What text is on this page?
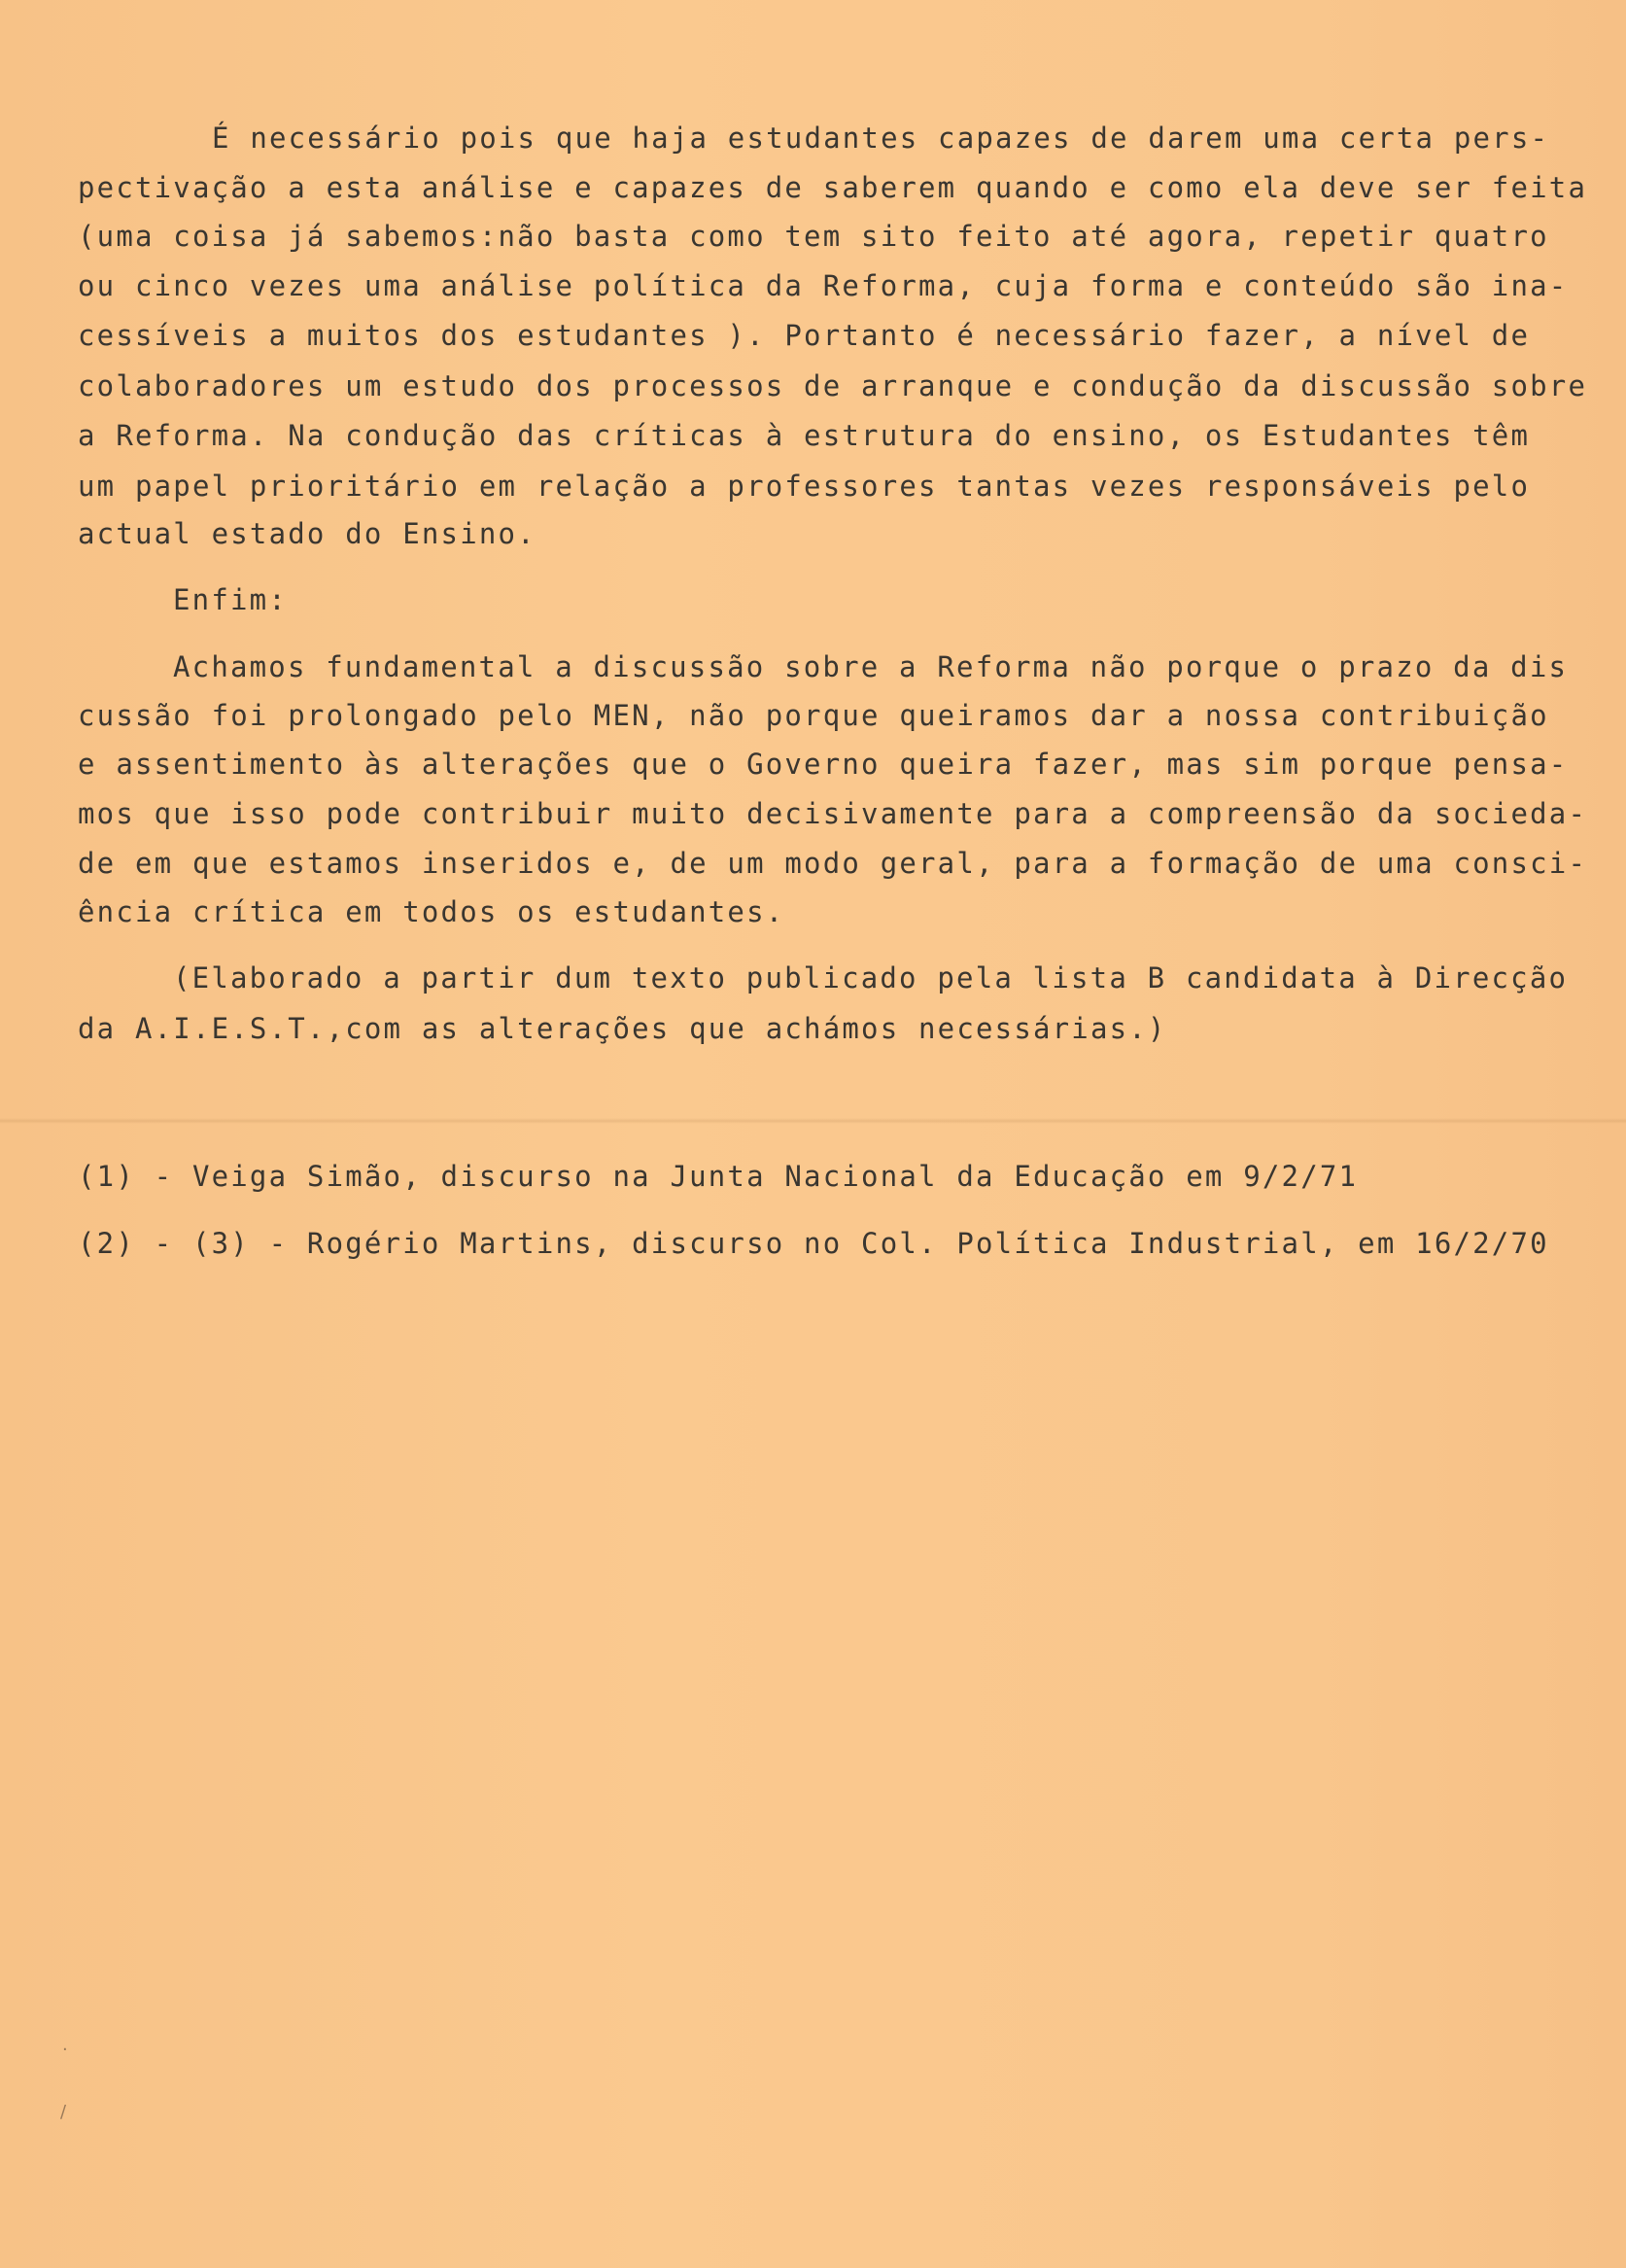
É necessário pois que haja estudantes capazes de darem uma certa pers-
pectivação a esta análise e capazes de saberem quando e como ela deve ser feita
(uma coisa já sabemos:não basta como tem sito feito até agora, repetir quatro
ou cinco vezes uma análise política da Reforma, cuja forma e conteúdo são ina-
cessíveis a muitos dos estudantes ). Portanto é necessário fazer, a nível de
colaboradores um estudo dos processos de arranque e condução da discussão sobre
a Reforma. Na condução das críticas à estrutura do ensino, os Estudantes têm
um papel prioritário em relação a professores tantas vezes responsáveis pelo
actual estado do Ensino.
Enfim:
Achamos fundamental a discussão sobre a Reforma não porque o prazo da dis
cussão foi prolongado pelo MEN, não porque queiramos dar a nossa contribuição
e assentimento às alterações que o Governo queira fazer, mas sim porque pensa-
mos que isso pode contribuir muito decisivamente para a compreensão da socieda-
de em que estamos inseridos e, de um modo geral, para a formação de uma consci-
ência crítica em todos os estudantes.
(Elaborado a partir dum texto publicado pela lista B candidata à Direcção
da A.I.E.S.T.,com as alterações que achámos necessárias.)
(1) - Veiga Simão, discurso na Junta Nacional da Educação em 9/2/71
(2) - (3) - Rogério Martins, discurso no Col. Política Industrial, em 16/2/70
·
/
